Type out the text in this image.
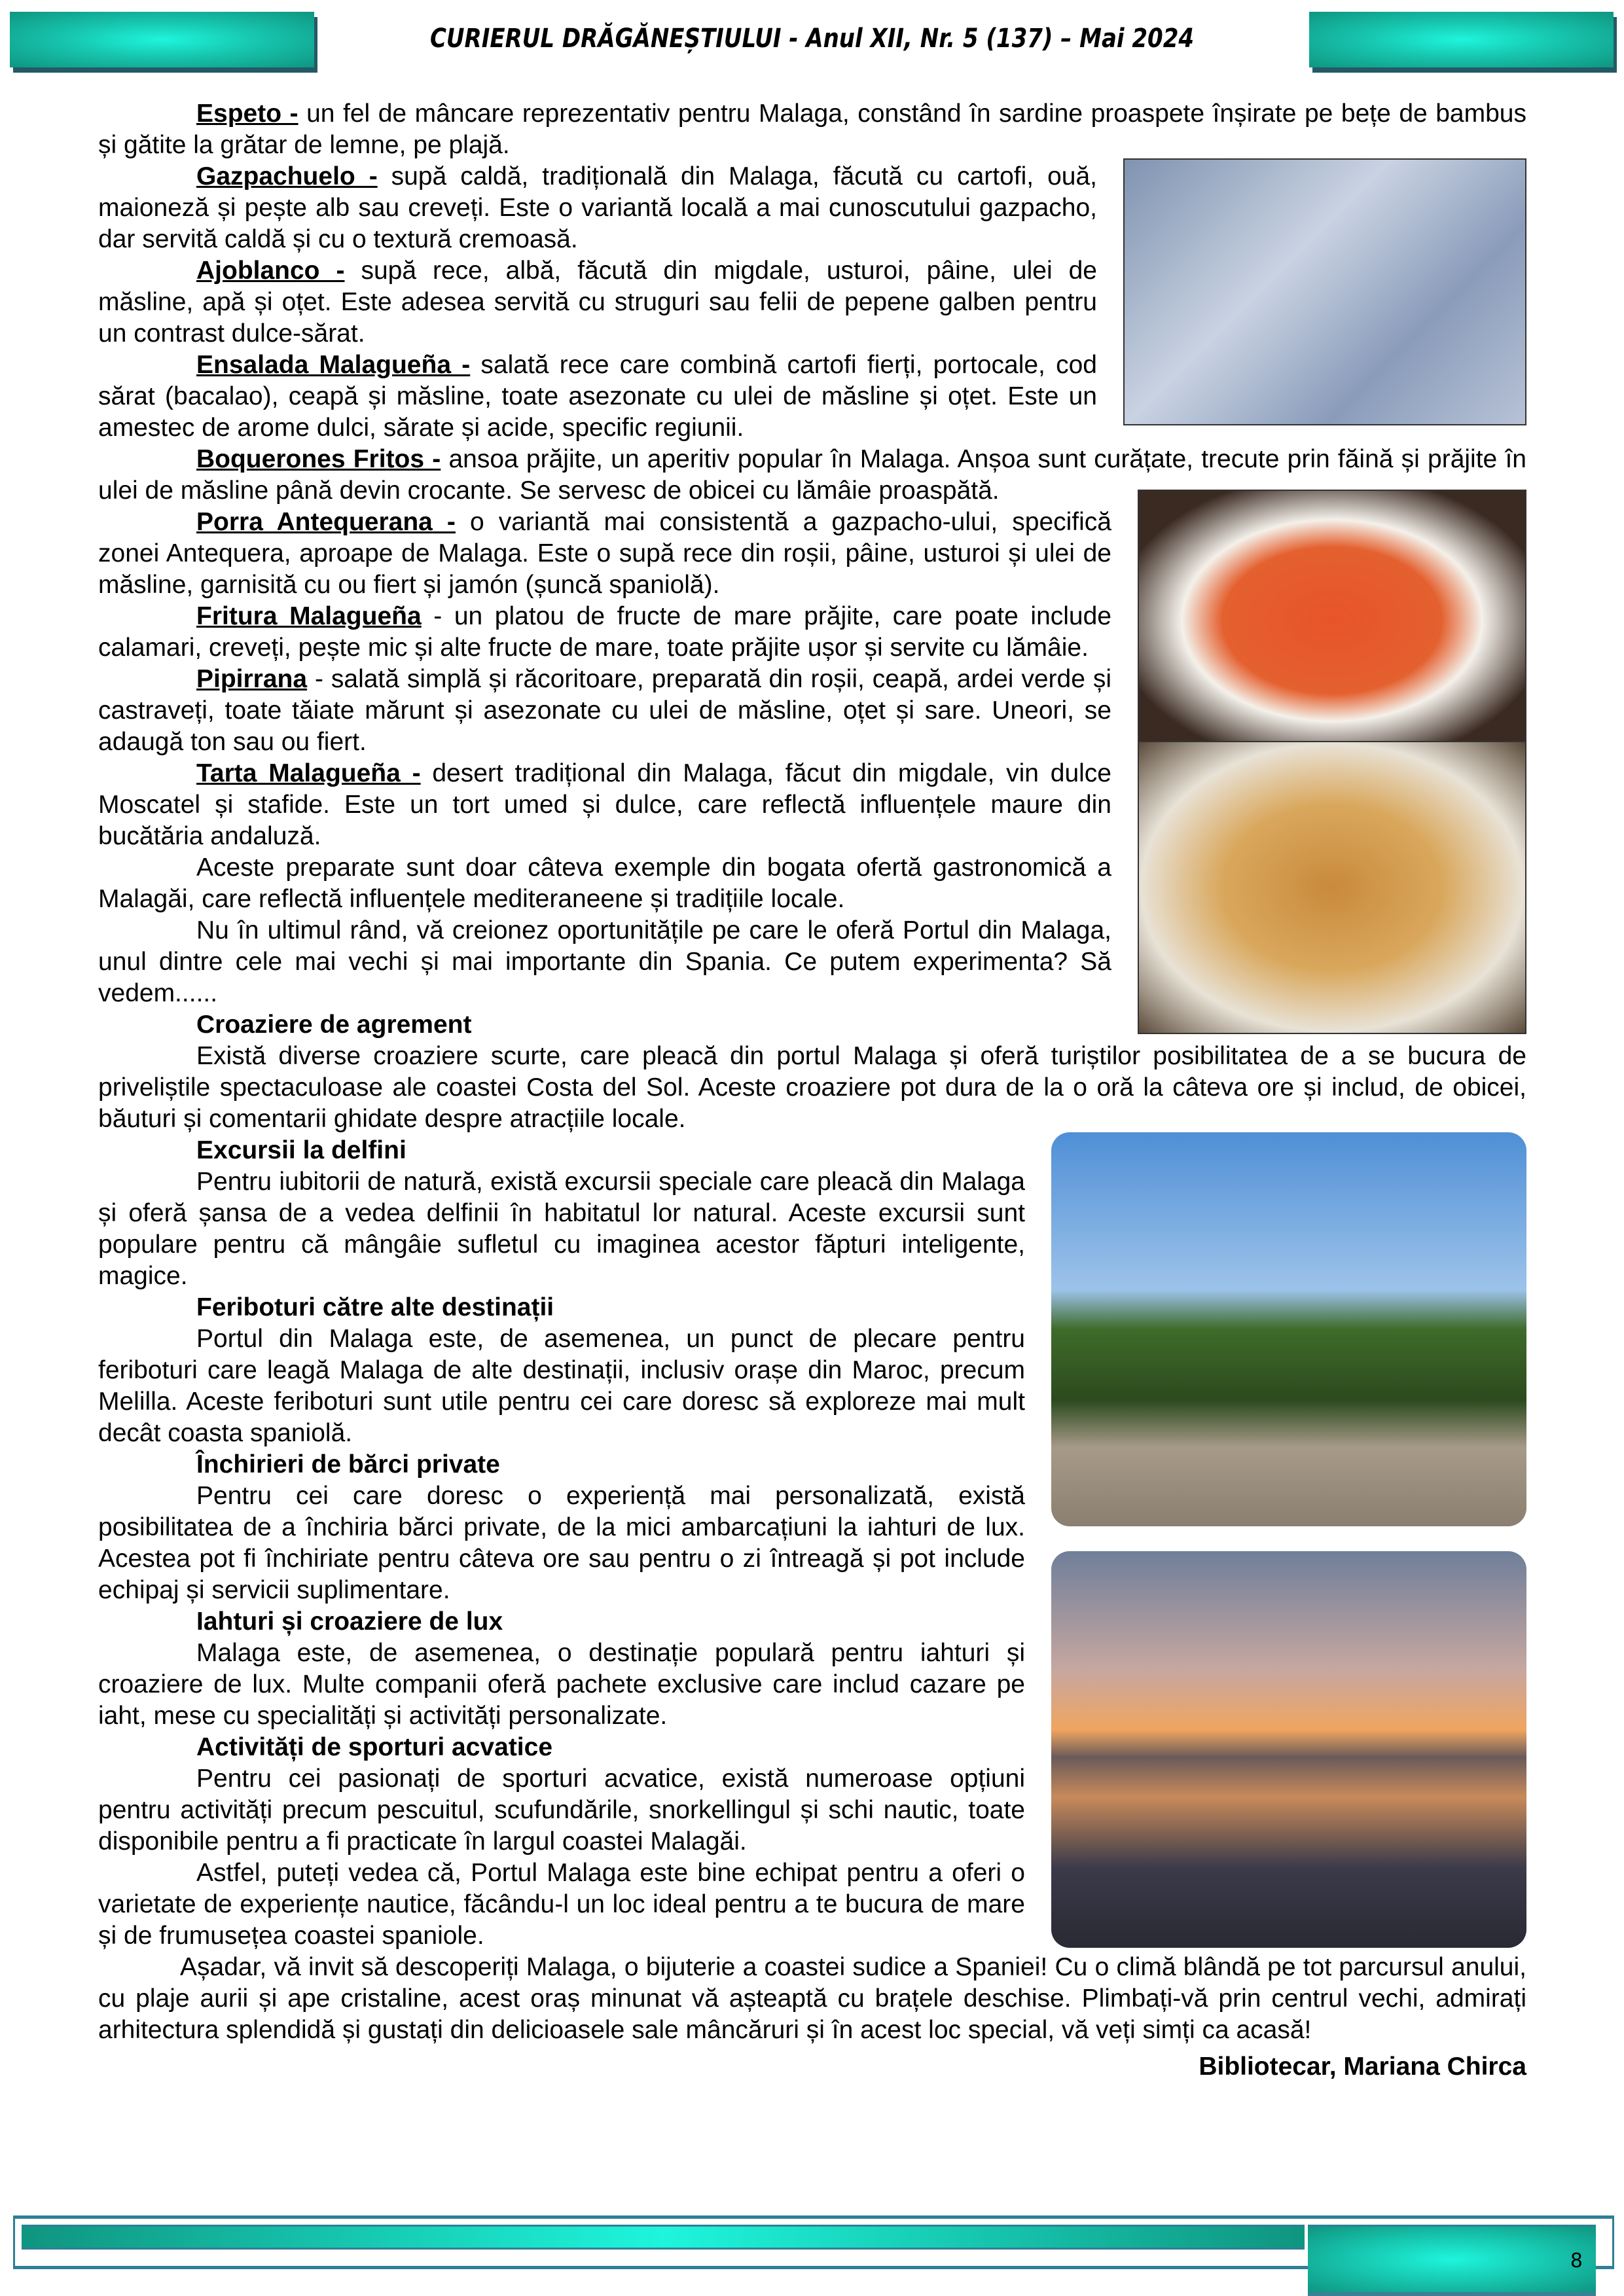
CURIERUL DRĂGĂNEȘTIULUI - Anul XII, Nr. 5 (137) – Mai 2024

Espeto - un fel de mâncare reprezentativ pentru Malaga, constând în sardine proaspete înșirate pe bețe de bambus și gătite la grătar de lemne, pe plajă.

Gazpachuelo - supă caldă, tradițională din Malaga, făcută cu cartofi, ouă, maioneză și pește alb sau creveți. Este o variantă locală a mai cunoscutului gazpacho, dar servită caldă și cu o textură cremoasă.

Ajoblanco - supă rece, albă, făcută din migdale, usturoi, pâine, ulei de măsline, apă și oțet. Este adesea servită cu struguri sau felii de pepene galben pentru un contrast dulce-sărat.

Ensalada Malagueña - salată rece care combină cartofi fierți, portocale, cod sărat (bacalao), ceapă și măsline, toate asezonate cu ulei de măsline și oțet. Este un amestec de arome dulci, sărate și acide, specific regiunii.

Boquerones Fritos - ansoa prăjite, un aperitiv popular în Malaga. Anșoa sunt curățate, trecute prin făină și prăjite în ulei de măsline până devin crocante. Se servesc de obicei cu lămâie proaspătă.

Porra Antequerana - o variantă mai consistentă a gazpacho-ului, specifică zonei Antequera, aproape de Malaga. Este o supă rece din roșii, pâine, usturoi și ulei de măsline, garnisită cu ou fiert și jamón (șuncă spaniolă).

Fritura Malagueña - un platou de fructe de mare prăjite, care poate include calamari, creveți, pește mic și alte fructe de mare, toate prăjite ușor și servite cu lămâie.

Pipirrana - salată simplă și răcoritoare, preparată din roșii, ceapă, ardei verde și castraveți, toate tăiate mărunt și asezonate cu ulei de măsline, oțet și sare. Uneori, se adaugă ton sau ou fiert.

Tarta Malagueña - desert tradițional din Malaga, făcut din migdale, vin dulce Moscatel și stafide. Este un tort umed și dulce, care reflectă influențele maure din bucătăria andaluză.

Aceste preparate sunt doar câteva exemple din bogata ofertă gastronomică a Malagăi, care reflectă influențele mediteraneene și tradițiile locale.

Nu în ultimul rând, vă creionez oportunitățile pe care le oferă Portul din Malaga, unul dintre cele mai vechi și mai importante din Spania. Ce putem experimenta? Să vedem......

Croaziere de agrement

Există diverse croaziere scurte, care pleacă din portul Malaga și oferă turiștilor posibilitatea de a se bucura de priveliștile spectaculoase ale coastei Costa del Sol. Aceste croaziere pot dura de la o oră la câteva ore și includ, de obicei, băuturi și comentarii ghidate despre atracțiile locale.

Excursii la delfini

Pentru iubitorii de natură, există excursii speciale care pleacă din Malaga și oferă șansa de a vedea delfinii în habitatul lor natural. Aceste excursii sunt populare pentru că mângâie sufletul cu imaginea acestor făpturi inteligente, magice.

Feriboturi către alte destinații

Portul din Malaga este, de asemenea, un punct de plecare pentru feriboturi care leagă Malaga de alte destinații, inclusiv orașe din Maroc, precum Melilla. Aceste feriboturi sunt utile pentru cei care doresc să exploreze mai mult decât coasta spaniolă.

Închirieri de bărci private

Pentru cei care doresc o experiență mai personalizată, există posibilitatea de a închiria bărci private, de la mici ambarcațiuni la iahturi de lux. Acestea pot fi închiriate pentru câteva ore sau pentru o zi întreagă și pot include echipaj și servicii suplimentare.

Iahturi și croaziere de lux

Malaga este, de asemenea, o destinație populară pentru iahturi și croaziere de lux. Multe companii oferă pachete exclusive care includ cazare pe iaht, mese cu specialități și activități personalizate.

Activități de sporturi acvatice

Pentru cei pasionați de sporturi acvatice, există numeroase opțiuni pentru activități precum pescuitul, scufundările, snorkellingul și schi nautic, toate disponibile pentru a fi practicate în largul coastei Malagăi.

Astfel, puteți vedea că, Portul Malaga este bine echipat pentru a oferi o varietate de experiențe nautice, făcându-l un loc ideal pentru a te bucura de mare și de frumusețea coastei spaniole.

Așadar, vă invit să descoperiți Malaga, o bijuterie a coastei sudice a Spaniei! Cu o climă blândă pe tot parcursul anului, cu plaje aurii și ape cristaline, acest oraș minunat vă așteaptă cu brațele deschise. Plimbați-vă prin centrul vechi, admirați arhitectura splendidă și gustați din delicioasele sale mâncăruri și în acest loc special, vă veți simți ca acasă!

Bibliotecar, Mariana Chirca
8
